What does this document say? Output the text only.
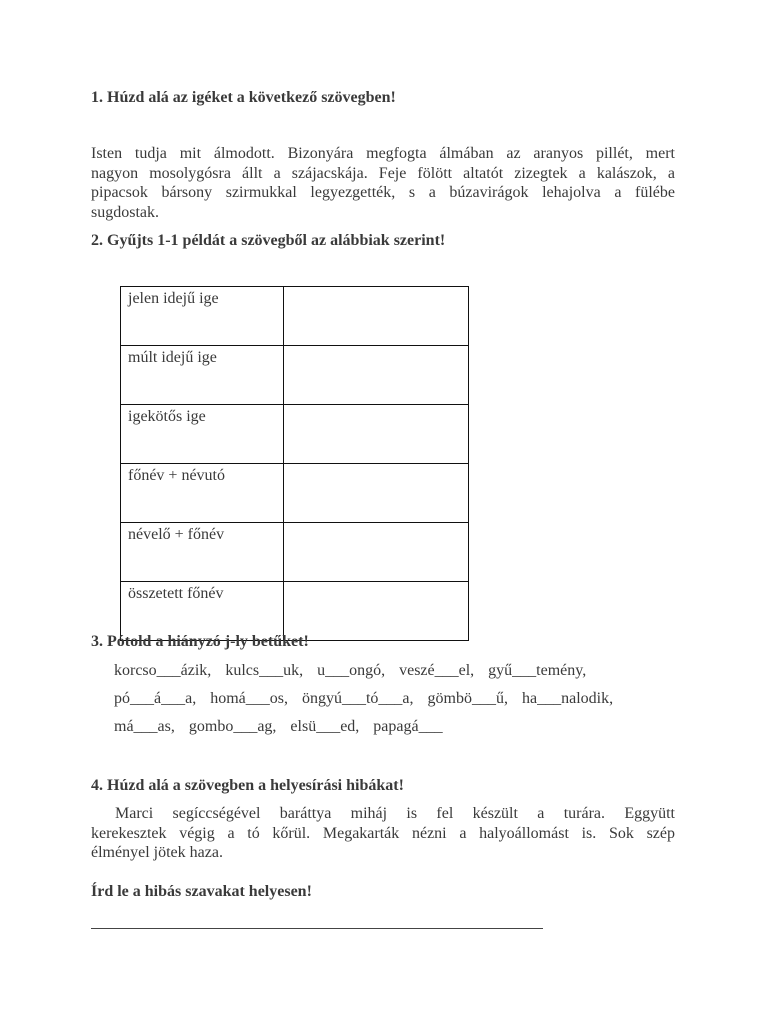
1. Húzd alá az igéket a következő szövegben!

Isten tudja mit álmodott. Bizonyára megfogta álmában az aranyos pillét, mert
nagyon mosolygósra állt a szájacskája. Feje fölött altatót zizegtek a kalászok, a
pipacsok bársony szirmukkal legyezgették, s a búzavirágok lehajolva a fülébe
sugdostak.

2. Gyűjts 1-1 példát a szövegből az alábbiak szerint!
jelen idejű ige	
múlt idejű ige	
igekötős ige	
főnév + névutó	
névelő + főnév	
összetett főnév	
3. Pótold a hiányzó j-ly betűket!

korcso___ázik, kulcs___uk, u___ongó, veszé___el, gyű___temény,

pó___á___a, homá___os, öngyú___tó___a, gömbö___ű, ha___nalodik,

má___as, gombo___ag, elsü___ed, papagá___

4. Húzd alá a szövegben a helyesírási hibákat!

Marci segíccségével baráttya miháj is fel készült a turára. Eggyütt
kerekesztek végig a tó kőrül. Megakarták nézni a halyoállomást is. Sok szép
élményel jötek haza.

Írd le a hibás szavakat helyesen!
